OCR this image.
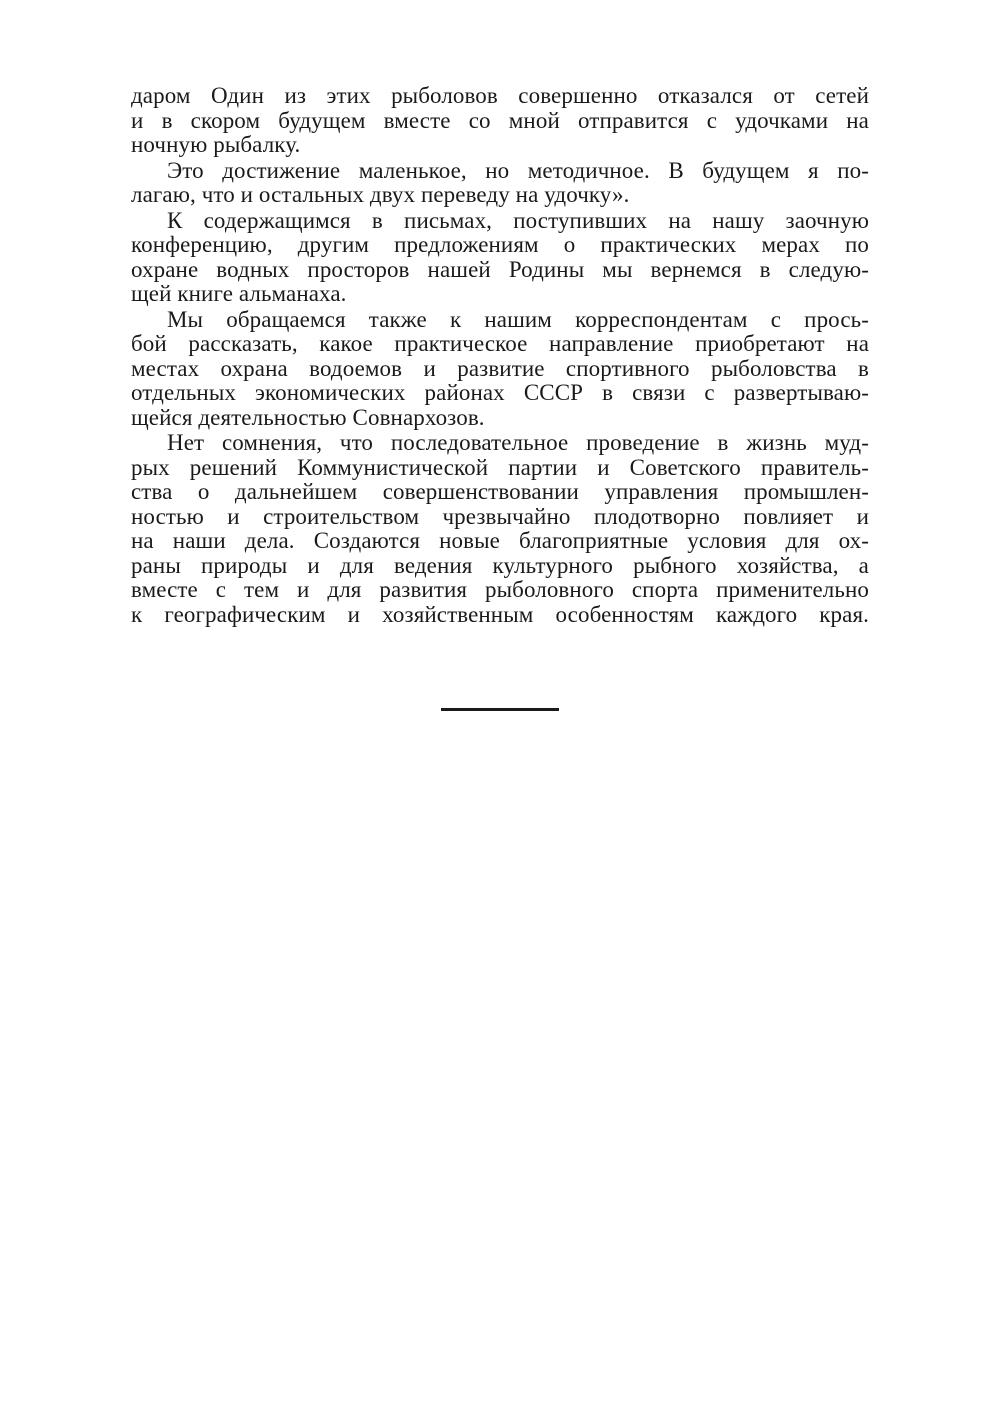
даром Один из этих рыболовов совершенно отказался от сетей
и в скором будущем вместе со мной отправится с удочками на
ночную рыбалку.
Это достижение маленькое, но методичное. В будущем я по-
лагаю, что и остальных двух переведу на удочку».
К содержащимся в письмах, поступивших на нашу заочную
конференцию, другим предложениям о практических мерах по
охране водных просторов нашей Родины мы вернемся в следую-
щей книге альманаха.
Мы обращаемся также к нашим корреспондентам с прось-
бой рассказать, какое практическое направление приобретают на
местах охрана водоемов и развитие спортивного рыболовства в
отдельных экономических районах СССР в связи с развертываю-
щейся деятельностью Совнархозов.
Нет сомнения, что последовательное проведение в жизнь муд-
рых решений Коммунистической партии и Советского правитель-
ства о дальнейшем совершенствовании управления промышлен-
ностью и строительством чрезвычайно плодотворно повлияет и
на наши дела. Создаются новые благоприятные условия для ох-
раны природы и для ведения культурного рыбного хозяйства, а
вместе с тем и для развития рыболовного спорта применительно
к географическим и хозяйственным особенностям каждого края.
